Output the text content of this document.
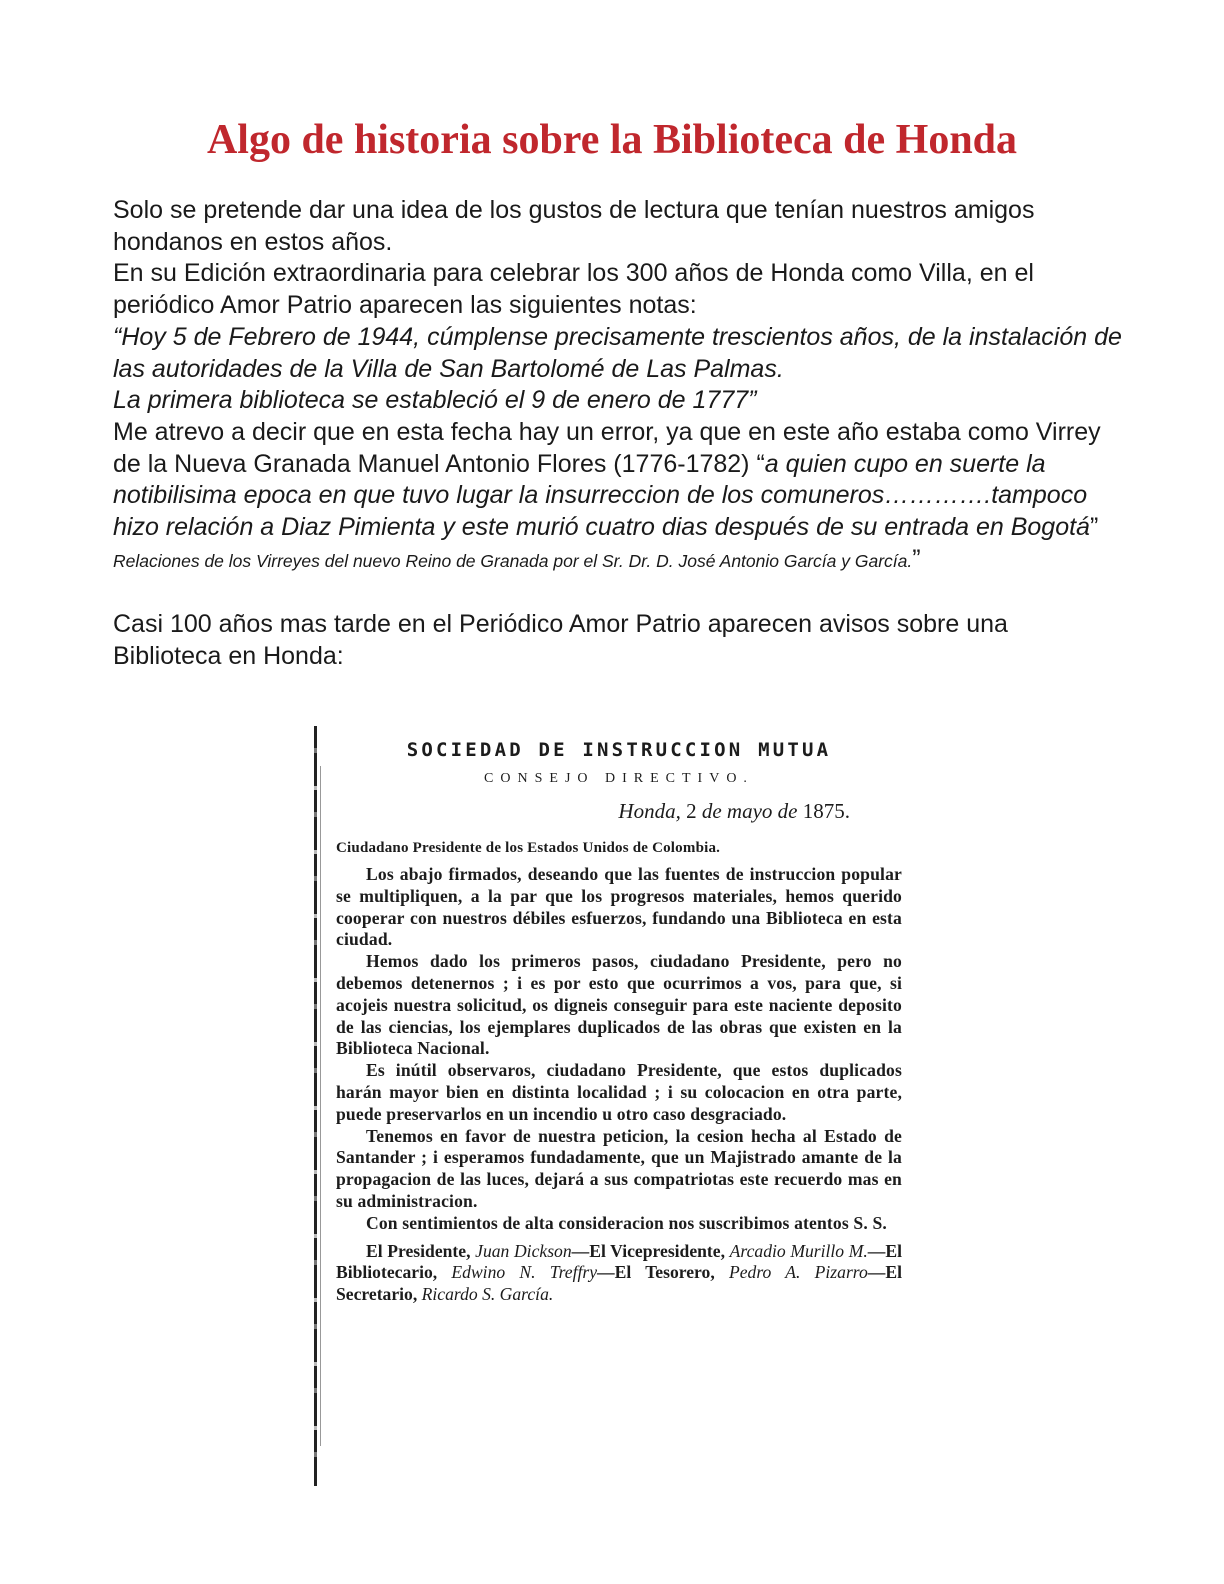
Algo de historia sobre la Biblioteca de Honda

Solo se pretende dar una idea de los gustos de lectura que tenían nuestros amigos hondanos en estos años.

En su Edición extraordinaria para celebrar los 300 años de Honda como Villa, en el periódico Amor Patrio aparecen las siguientes notas:

“Hoy 5 de Febrero de 1944, cúmplense precisamente trescientos años, de la instalación de las autoridades de la Villa de San Bartolomé de Las Palmas.

La primera biblioteca se estableció el 9 de enero de 1777”

Me atrevo a decir que en esta fecha hay un error, ya que en este año estaba como Virrey de la Nueva Granada Manuel Antonio Flores (1776-1782) “a quien cupo en suerte la notibilisima epoca en que tuvo lugar la insurreccion de los comuneros………….tampoco hizo relación a Diaz Pimienta y este murió cuatro dias después de su entrada en Bogotá” Relaciones de los Virreyes del nuevo Reino de Granada por el Sr. Dr. D. José Antonio García y García.”

Casi 100 años mas tarde en el Periódico Amor Patrio aparecen avisos sobre una Biblioteca en Honda:

SOCIEDAD DE INSTRUCCION MUTUA

CONSEJO DIRECTIVO.

Honda, 2 de mayo de 1875.

Ciudadano Presidente de los Estados Unidos de Colombia.

Los abajo firmados, deseando que las fuentes de instruccion popular se multipliquen, a la par que los progresos materiales, hemos querido cooperar con nuestros débiles esfuerzos, fundando una Biblioteca en esta ciudad.

Hemos dado los primeros pasos, ciudadano Presidente, pero no debemos detenernos ; i es por esto que ocurrimos a vos, para que, si acojeis nuestra solicitud, os digneis conseguir para este naciente deposito de las ciencias, los ejemplares duplicados de las obras que existen en la Biblioteca Nacional.

Es inútil observaros, ciudadano Presidente, que estos duplicados harán mayor bien en distinta localidad ; i su colocacion en otra parte, puede preservarlos en un incendio u otro caso desgraciado.

Tenemos en favor de nuestra peticion, la cesion hecha al Estado de Santander ; i esperamos fundadamente, que un Majistrado amante de la propagacion de las luces, dejará a sus compatriotas este recuerdo mas en su administracion.

Con sentimientos de alta consideracion nos suscribimos atentos S. S.

El Presidente, Juan Dickson—El Vicepresidente, Arcadio Murillo M.—El Bibliotecario, Edwino N. Treffry—El Tesorero, Pedro A. Pizarro—El Secretario, Ricardo S. García.
